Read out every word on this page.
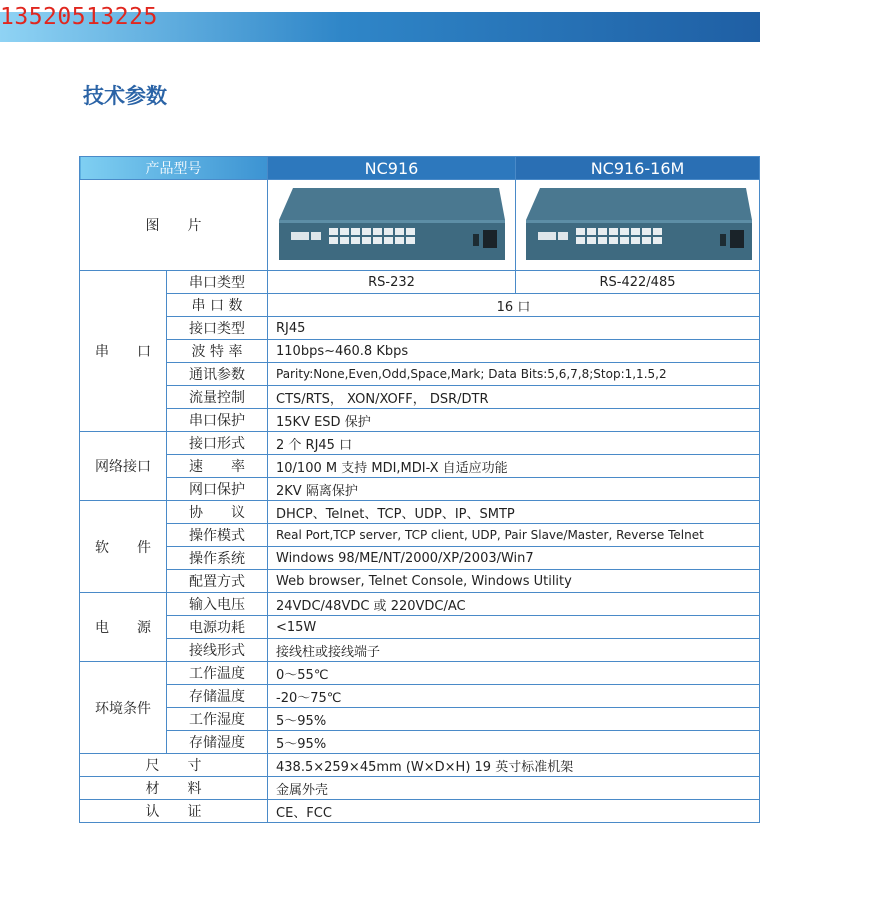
13520513225
技术参数
产品型号		NC916	NC916-16M
图　　片	

串　　口	串口类型	RS-232	RS-422/485
	串 口 数	16 口	
	接口类型	RJ45	
	波 特 率	110bps~460.8 Kbps	
	通讯参数	Parity:None,Even,Odd,Space,Mark; Data Bits:5,6,7,8;Stop:1,1.5,2	
	流量控制	CTS/RTS， XON/XOFF， DSR/DTR	
	串口保护	15KV ESD 保护	
网络接口	接口形式	2 个 RJ45 口	
	速　　率	10/100 M 支持 MDI,MDI-X 自适应功能	
	网口保护	2KV 隔离保护	
软　　件	协　　议	DHCP、Telnet、TCP、UDP、IP、SMTP	
	操作模式	Real Port,TCP server, TCP client, UDP, Pair Slave/Master, Reverse Telnet	
	操作系统	Windows 98/ME/NT/2000/XP/2003/Win7	
	配置方式	Web browser, Telnet Console, Windows Utility	
电　　源	输入电压	24VDC/48VDC 或 220VDC/AC	
	电源功耗	<15W	
	接线形式	接线柱或接线端子	
环境条件	工作温度	0～55℃	
	存储温度	-20～75℃	
	工作湿度	5～95%	
	存储湿度	5～95%	
尺　　寸		438.5×259×45mm (W×D×H) 19 英寸标准机架	
材　　料		金属外壳	
认　　证		CE、FCC	
